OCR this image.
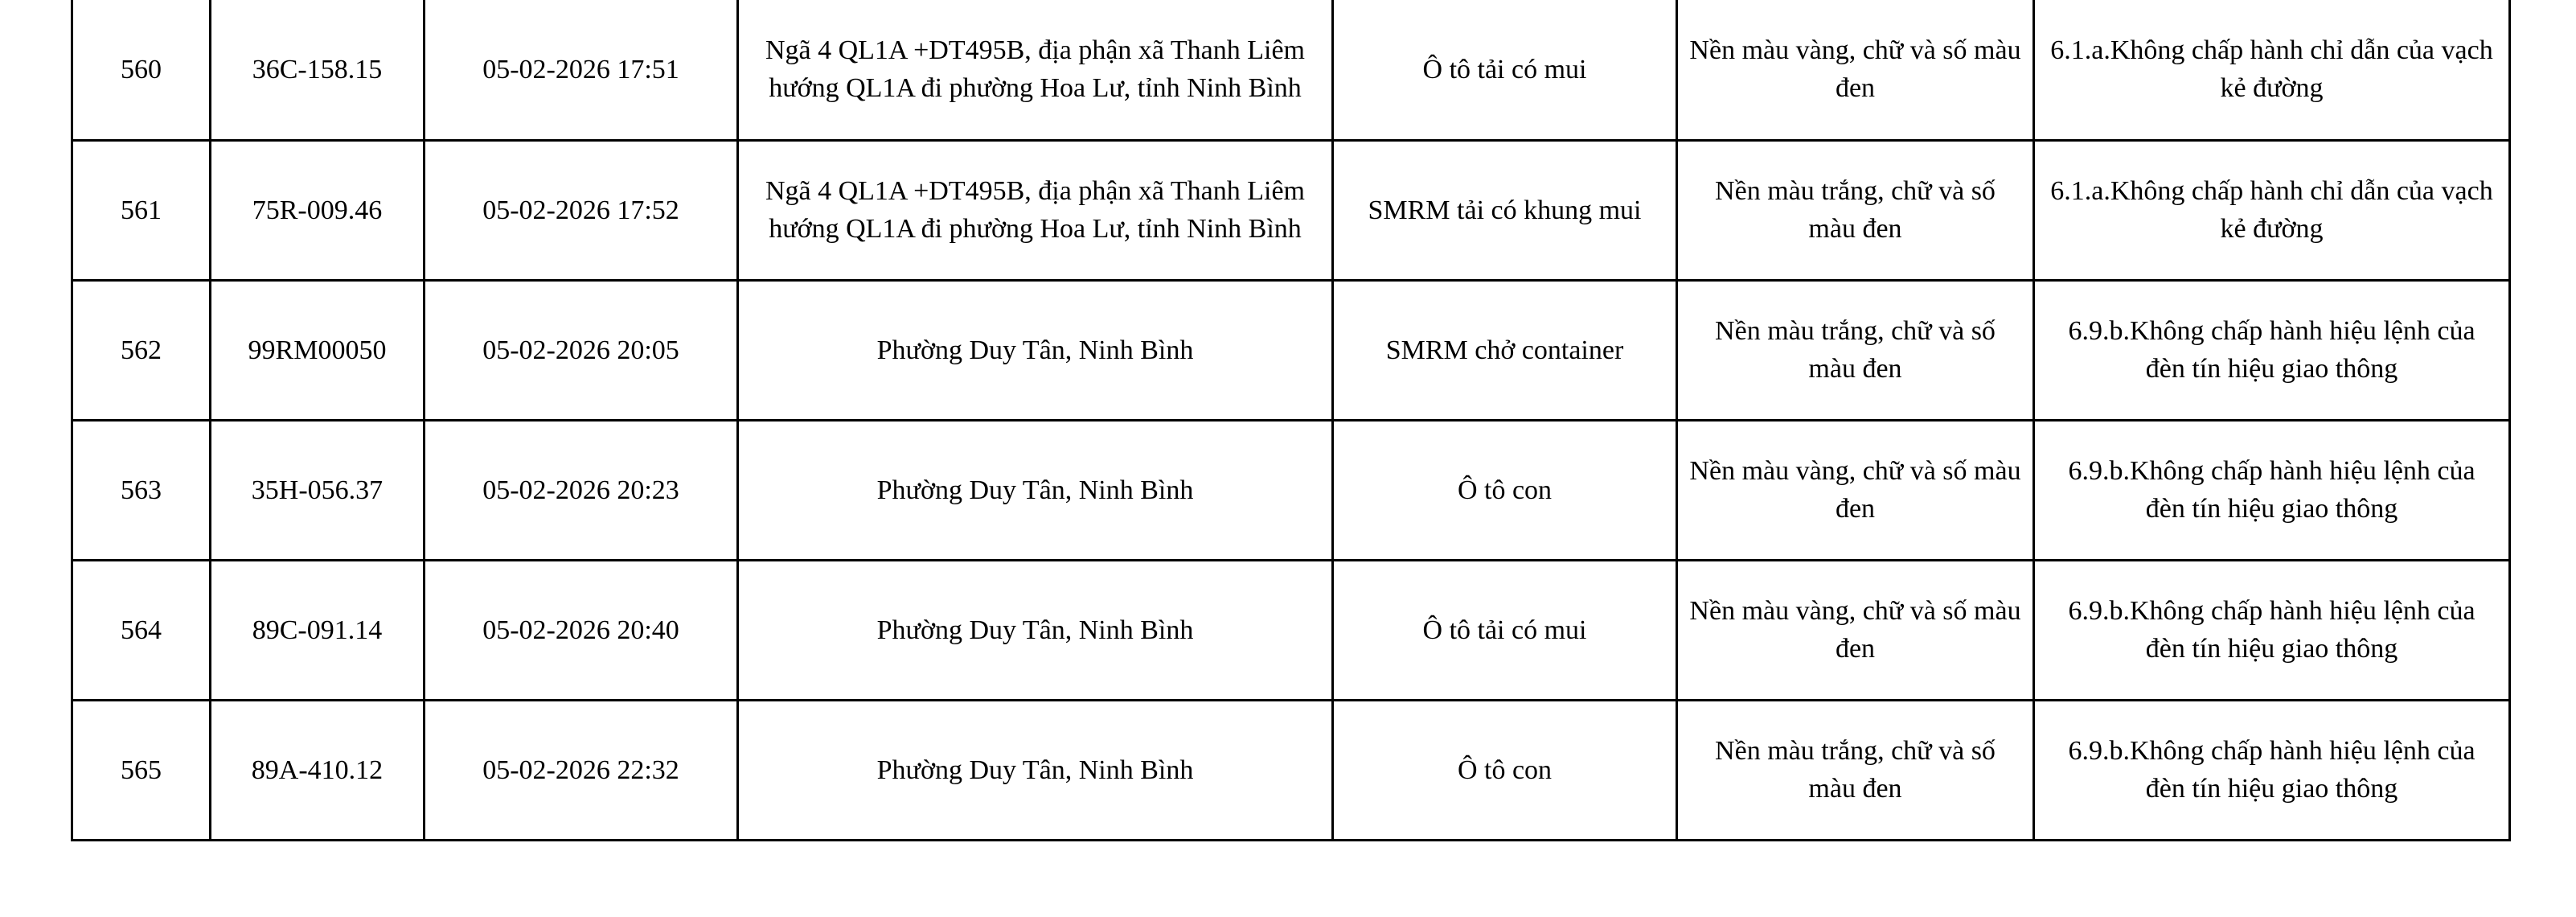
560	36C-158.15	05-02-2026 17:51	Ngã 4 QL1A +DT495B, địa phận xã Thanh Liêm hướng QL1A đi phường Hoa Lư, tỉnh Ninh Bình	Ô tô tải có mui	Nền màu vàng, chữ và số màu đen	6.1.a.Không chấp hành chỉ dẫn của vạch kẻ đường
561	75R-009.46	05-02-2026 17:52	Ngã 4 QL1A +DT495B, địa phận xã Thanh Liêm hướng QL1A đi phường Hoa Lư, tỉnh Ninh Bình	SMRM tải có khung mui	Nền màu trắng, chữ và số màu đen	6.1.a.Không chấp hành chỉ dẫn của vạch kẻ đường
562	99RM00050	05-02-2026 20:05	Phường Duy Tân, Ninh Bình	SMRM chở container	Nền màu trắng, chữ và số màu đen	6.9.b.Không chấp hành hiệu lệnh của đèn tín hiệu giao thông
563	35H-056.37	05-02-2026 20:23	Phường Duy Tân, Ninh Bình	Ô tô con	Nền màu vàng, chữ và số màu đen	6.9.b.Không chấp hành hiệu lệnh của đèn tín hiệu giao thông
564	89C-091.14	05-02-2026 20:40	Phường Duy Tân, Ninh Bình	Ô tô tải có mui	Nền màu vàng, chữ và số màu đen	6.9.b.Không chấp hành hiệu lệnh của đèn tín hiệu giao thông
565	89A-410.12	05-02-2026 22:32	Phường Duy Tân, Ninh Bình	Ô tô con	Nền màu trắng, chữ và số màu đen	6.9.b.Không chấp hành hiệu lệnh của đèn tín hiệu giao thông
